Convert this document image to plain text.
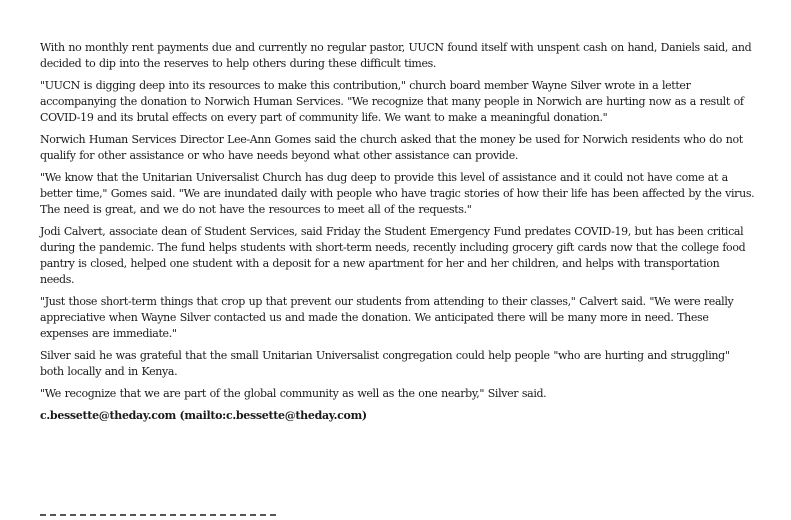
With no monthly rent payments due and currently no regular pastor, UUCN found itself with unspent cash on hand, Daniels said, and decided to dip into the reserves to help others during these difficult times.

"UUCN is digging deep into its resources to make this contribution," church board member Wayne Silver wrote in a letter accompanying the donation to Norwich Human Services. "We recognize that many people in Norwich are hurting now as a result of COVID-19 and its brutal effects on every part of community life. We want to make a meaningful donation."

Norwich Human Services Director Lee-Ann Gomes said the church asked that the money be used for Norwich residents who do not qualify for other assistance or who have needs beyond what other assistance can provide.

"We know that the Unitarian Universalist Church has dug deep to provide this level of assistance and it could not have come at a better time," Gomes said. "We are inundated daily with people who have tragic stories of how their life has been affected by the virus. The need is great, and we do not have the resources to meet all of the requests."

Jodi Calvert, associate dean of Student Services, said Friday the Student Emergency Fund predates COVID-19, but has been critical during the pandemic. The fund helps students with short-term needs, recently including grocery gift cards now that the college food pantry is closed, helped one student with a deposit for a new apartment for her and her children, and helps with transportation needs.

"Just those short-term things that crop up that prevent our students from attending to their classes," Calvert said. "We were really appreciative when Wayne Silver contacted us and made the donation. We anticipated there will be many more in need. These expenses are immediate."

Silver said he was grateful that the small Unitarian Universalist congregation could help people "who are hurting and struggling" both locally and in Kenya.

"We recognize that we are part of the global community as well as the one nearby," Silver said.

c.bessette@theday.com (mailto:c.bessette@theday.com)
